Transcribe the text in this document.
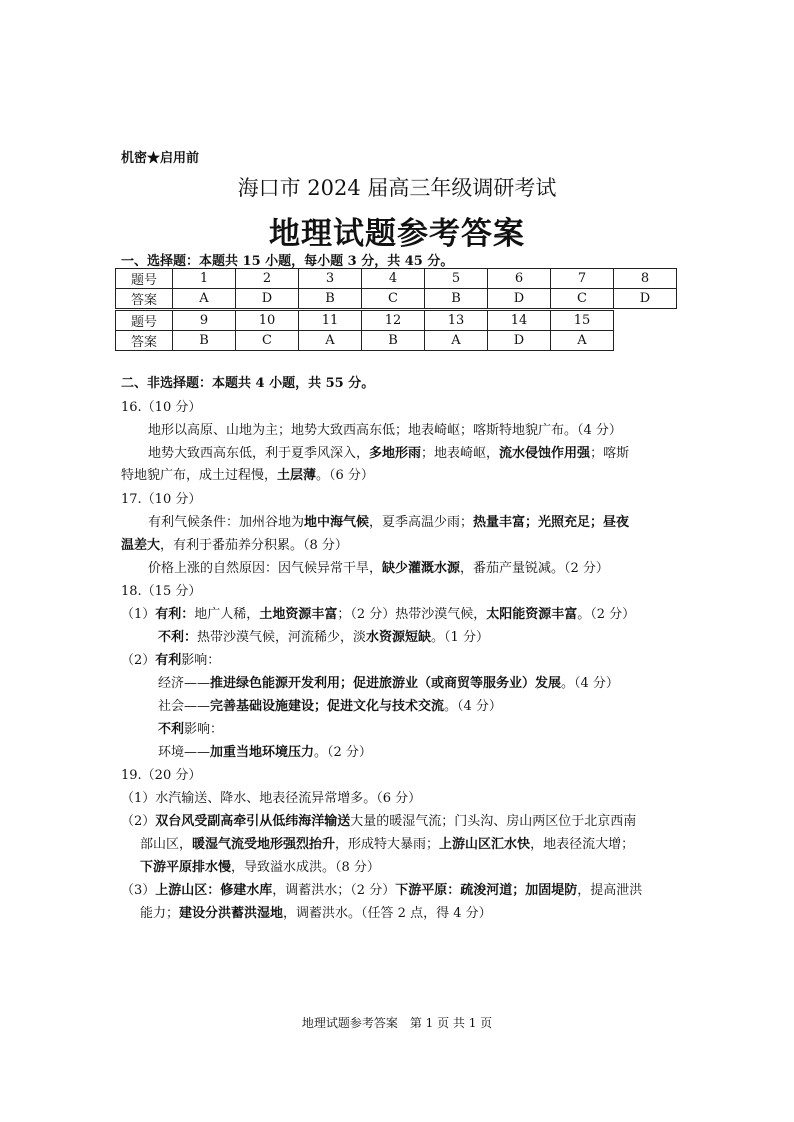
机密★启用前
海口市 2024 届高三年级调研考试
地理试题参考答案
一、选择题：本题共 15 小题，每小题 3 分，共 45 分。
题号	1	2	3	4	5	6	7	8
答案	A	D	B	C	B	D	C	D
题号	9	10	11	12	13	14	15
答案	B	C	A	B	A	D	A
二、非选择题：本题共 4 小题，共 55 分。
16.（10 分）
地形以高原、山地为主；地势大致西高东低；地表崎岖；喀斯特地貌广布。（4 分）
地势大致西高东低，利于夏季风深入，多地形雨；地表崎岖，流水侵蚀作用强；喀斯
特地貌广布，成土过程慢，土层薄。（6 分）
17.（10 分）
有利气候条件：加州谷地为地中海气候，夏季高温少雨；热量丰富；光照充足；昼夜
温差大，有利于番茄养分积累。（8 分）
价格上涨的自然原因：因气候异常干旱，缺少灌溉水源，番茄产量锐减。（2 分）
18.（15 分）
（1）有利：地广人稀，土地资源丰富；（2 分）热带沙漠气候，太阳能资源丰富。（2 分）
不利：热带沙漠气候，河流稀少，淡水资源短缺。（1 分）
（2）有利影响：
经济——推进绿色能源开发利用；促进旅游业（或商贸等服务业）发展。（4 分）
社会——完善基础设施建设；促进文化与技术交流。（4 分）
不利影响：
环境——加重当地环境压力。（2 分）
19.（20 分）
（1）水汽输送、降水、地表径流异常增多。（6 分）
（2）双台风受副高牵引从低纬海洋输送大量的暖湿气流；门头沟、房山两区位于北京西南
部山区，暖湿气流受地形强烈抬升，形成特大暴雨；上游山区汇水快，地表径流大增；
下游平原排水慢，导致溢水成洪。（8 分）
（3）上游山区：修建水库，调蓄洪水；（2 分）下游平原：疏浚河道；加固堤防，提高泄洪
能力；建设分洪蓄洪湿地，调蓄洪水。（任答 2 点，得 4 分）
地理试题参考答案　第 1 页 共 1 页
